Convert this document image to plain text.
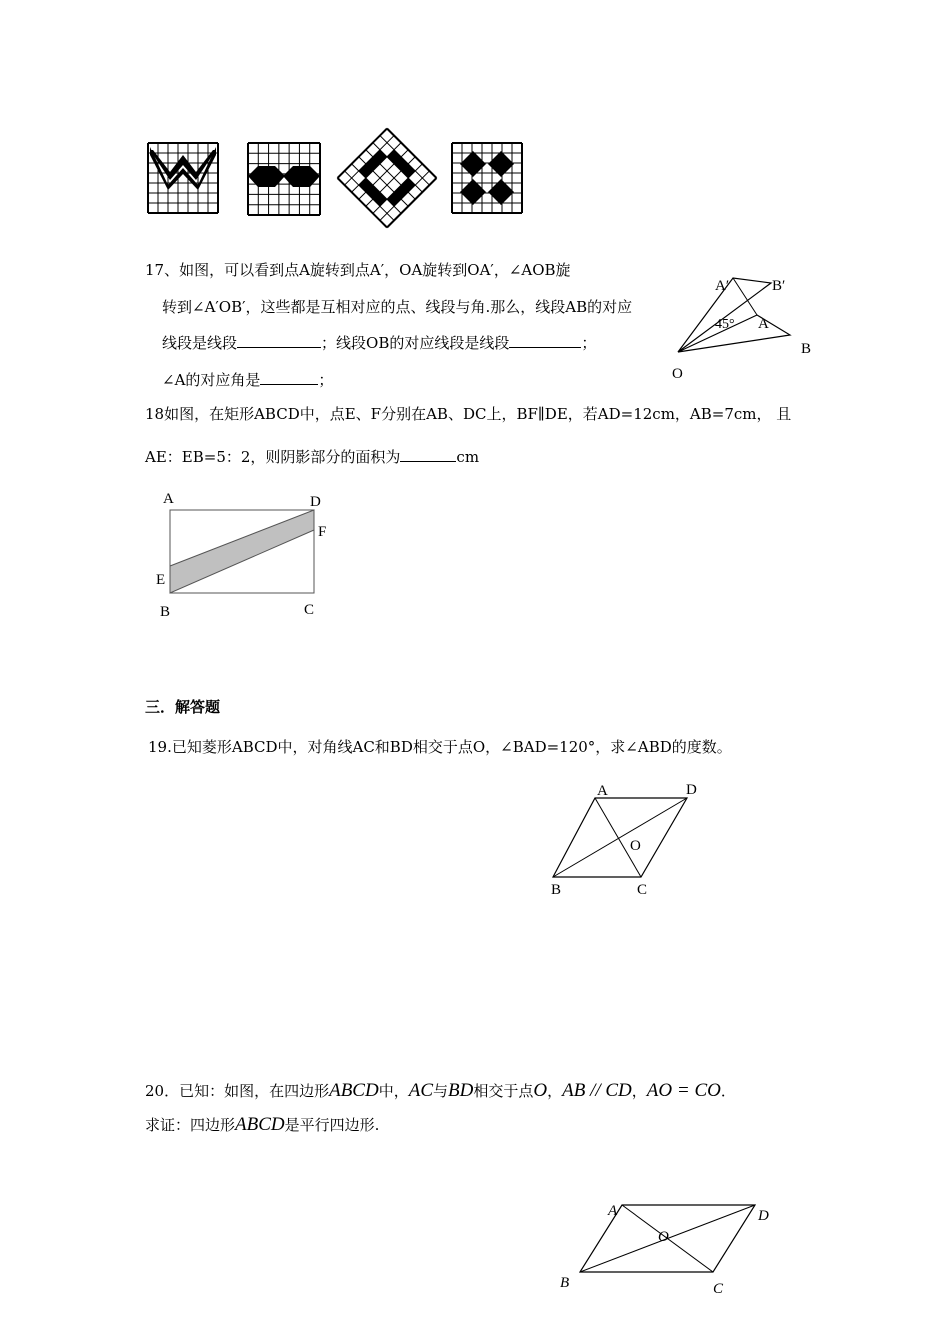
17、如图，可以看到点A旋转到点A′，OA旋转到OA′，∠AOB旋
转到∠A′OB′，这些都是互相对应的点、线段与角.那么，线段AB的对应
线段是线段	；线段OB的对应线段是线段	；
∠A的对应角是	；
A′	B′
45° A
B
O
18如图，在矩形ABCD中，点E、F分别在AB、DC上，BF∥DE，若AD=12cm，AB=7cm， 且
AE：EB=5：2，则阴影部分的面积为	cm
A	D
F
E
B	C
三．解答题
19.已知菱形ABCD中，对角线AC和BD相交于点O，∠BAD=120°，求∠ABD的度数。
A	D
O
B	C
20．已知：如图，在四边形ABCD中，AC与BD相交于点O，AB // CD，AO = CO．
求证：四边形ABCD是平行四边形.
A	D
O
B	C
